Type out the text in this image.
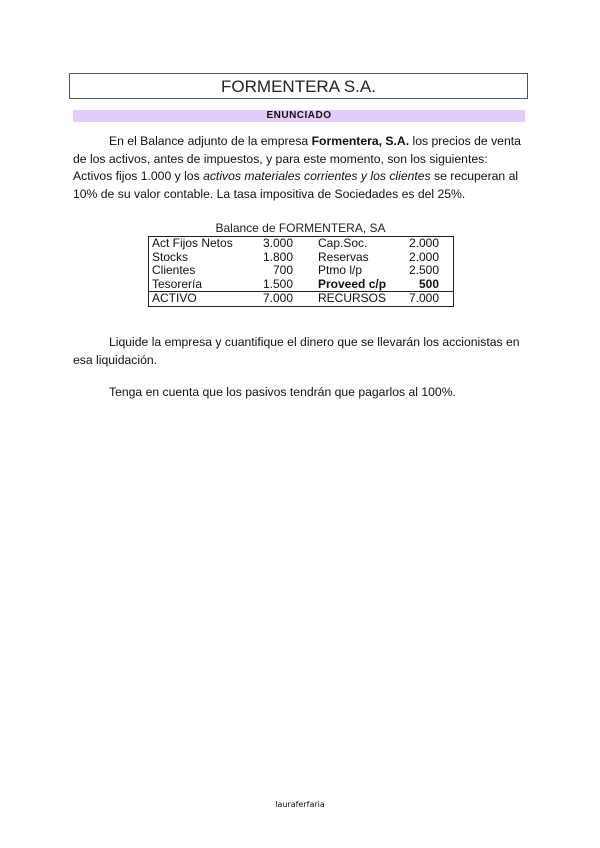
FORMENTERA S.A.
ENUNCIADO
En el Balance adjunto de la empresa Formentera, S.A. los precios de venta de los activos, antes de impuestos, y para este momento, son los siguientes: Activos fijos 1.000 y los activos materiales corrientes y los clientes se recuperan al 10% de su valor contable. La tasa impositiva de Sociedades es del 25%.
Balance de FORMENTERA, SA
Act Fijos Netos	3.000	Cap.Soc.	2.000
Stocks	1.800	Reservas	2.000
Clientes	700	Ptmo l/p	2.500
Tesorería	1.500	Proveed c/p	500
ACTIVO	7.000	RECURSOS	7.000
Liquide la empresa y cuantifique el dinero que se llevarán los accionistas en esa liquidación.
Tenga en cuenta que los pasivos tendrán que pagarlos al 100%.
lauraferfaria
